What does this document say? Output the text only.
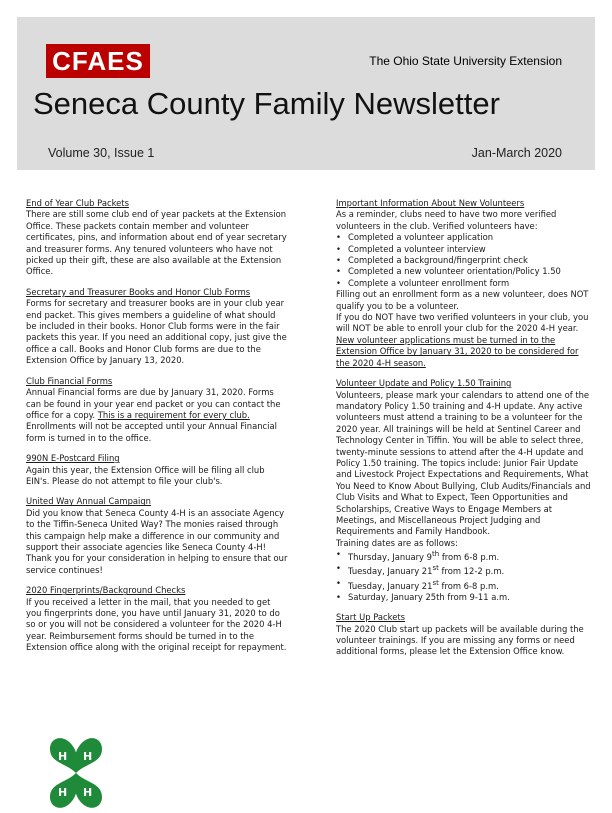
CFAES	The Ohio State University Extension
Seneca County Family Newsletter
Volume 30, Issue 1	Jan-March 2020
End of Year Club Packets

There are still some club end of year packets at the Extension Office. These packets contain member and volunteer certificates, pins, and information about end of year secretary and treasurer forms. Any tenured volunteers who have not picked up their gift, these are also available at the Extension Office.

Secretary and Treasurer Books and Honor Club Forms

Forms for secretary and treasurer books are in your club year end packet. This gives members a guideline of what should be included in their books. Honor Club forms were in the fair packets this year. If you need an additional copy, just give the office a call. Books and Honor Club forms are due to the Extension Office by January 13, 2020.

Club Financial Forms

Annual Financial forms are due by January 31, 2020. Forms can be found in your year end packet or you can contact the office for a copy. This is a requirement for every club. Enrollments will not be accepted until your Annual Financial form is turned in to the office.

990N E-Postcard Filing

Again this year, the Extension Office will be filing all club EIN's. Please do not attempt to file your club's.

United Way Annual Campaign

Did you know that Seneca County 4-H is an associate Agency to the Tiffin-Seneca United Way? The monies raised through this campaign help make a difference in our community and support their associate agencies like Seneca County 4-H! Thank you for your consideration in helping to ensure that our service continues!

2020 Fingerprints/Background Checks

If you received a letter in the mail, that you needed to get you fingerprints done, you have until January 31, 2020 to do so or you will not be considered a volunteer for the 2020 4-H year. Reimbursement forms should be turned in to the Extension office along with the original receipt for repayment.

Important Information About New Volunteers

As a reminder, clubs need to have two more verified volunteers in the club. Verified volunteers have:

• Completed a volunteer application
• Completed a volunteer interview
• Completed a background/fingerprint check
• Completed a new volunteer orientation/Policy 1.50
• Complete a volunteer enrollment form

Filling out an enrollment form as a new volunteer, does NOT qualify you to be a volunteer.

If you do NOT have two verified volunteers in your club, you will NOT be able to enroll your club for the 2020 4-H year.

New volunteer applications must be turned in to the Extension Office by January 31, 2020 to be considered for the 2020 4-H season.

Volunteer Update and Policy 1.50 Training

Volunteers, please mark your calendars to attend one of the mandatory Policy 1.50 training and 4-H update. Any active volunteers must attend a training to be a volunteer for the 2020 year. All trainings will be held at Sentinel Career and Technology Center in Tiffin. You will be able to select three, twenty-minute sessions to attend after the 4-H update and Policy 1.50 training. The topics include: Junior Fair Update and Livestock Project Expectations and Requirements, What You Need to Know About Bullying, Club Audits/Financials and Club Visits and What to Expect, Teen Opportunities and Scholarships, Creative Ways to Engage Members at Meetings, and Miscellaneous Project Judging and Requirements and Family Handbook.

Training dates are as follows:

• Thursday, January 9th from 6-8 p.m.
• Tuesday, January 21st from 12-2 p.m.
• Tuesday, January 21st from 6-8 p.m.
• Saturday, January 25th from 9-11 a.m.
Start Up Packets

The 2020 Club start up packets will be available during the volunteer trainings. If you are missing any forms or need additional forms, please let the Extension Office know.

H H
H H
